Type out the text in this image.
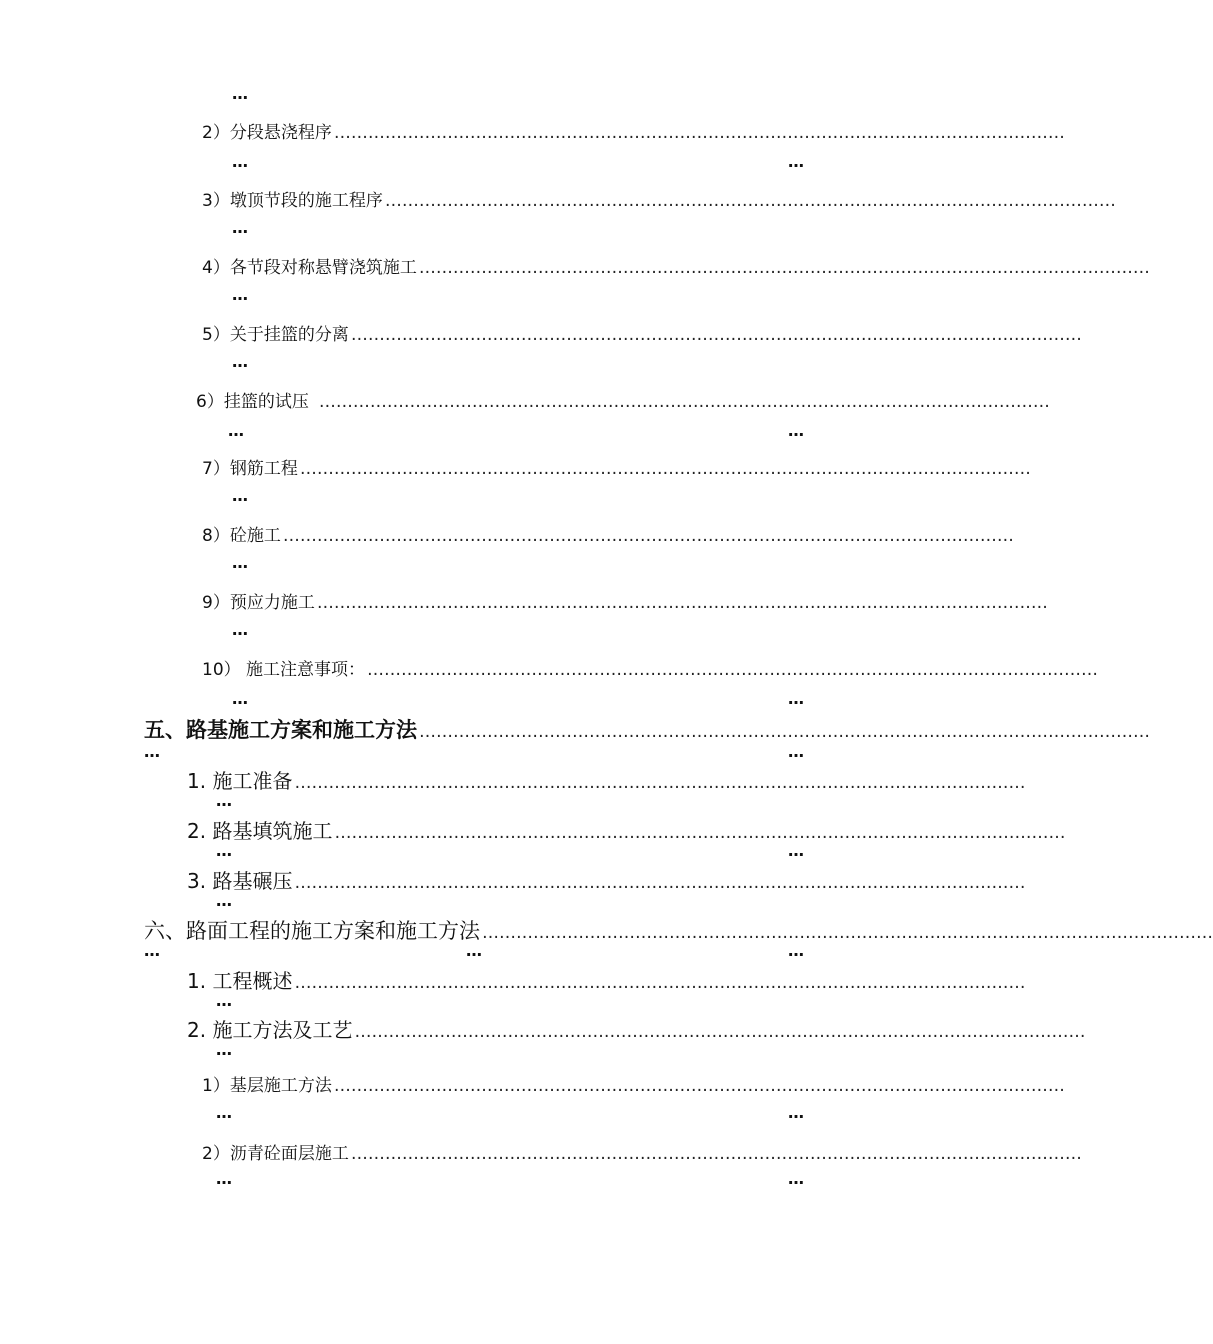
…
2）分段悬浇程序 …………………………………………………………………………………………………………………
…	…
3）墩顶节段的施工程序 …………………………………………………………………………………………………………………
…
4）各节段对称悬臂浇筑施工 …………………………………………………………………………………………………………………
…
5）关于挂篮的分离 …………………………………………………………………………………………………………………
…
6）挂篮的试压 …………………………………………………………………………………………………………………
…	…
7）钢筋工程 …………………………………………………………………………………………………………………
…
8）砼施工 …………………………………………………………………………………………………………………
…
9）预应力施工 …………………………………………………………………………………………………………………
…
10） 施工注意事项： …………………………………………………………………………………………………………………
…	…
五、路基施工方案和施工方法 …………………………………………………………………………………………………………………
…	…
1. 施工准备 …………………………………………………………………………………………………………………
…
2. 路基填筑施工 …………………………………………………………………………………………………………………
…	…
3. 路基碾压 …………………………………………………………………………………………………………………
…
六、路面工程的施工方案和施工方法 …………………………………………………………………………………………………………………
…	…	…
1. 工程概述 …………………………………………………………………………………………………………………
…
2. 施工方法及工艺 …………………………………………………………………………………………………………………
…
1）基层施工方法 …………………………………………………………………………………………………………………
…	…
2）沥青砼面层施工 …………………………………………………………………………………………………………………
…	…
